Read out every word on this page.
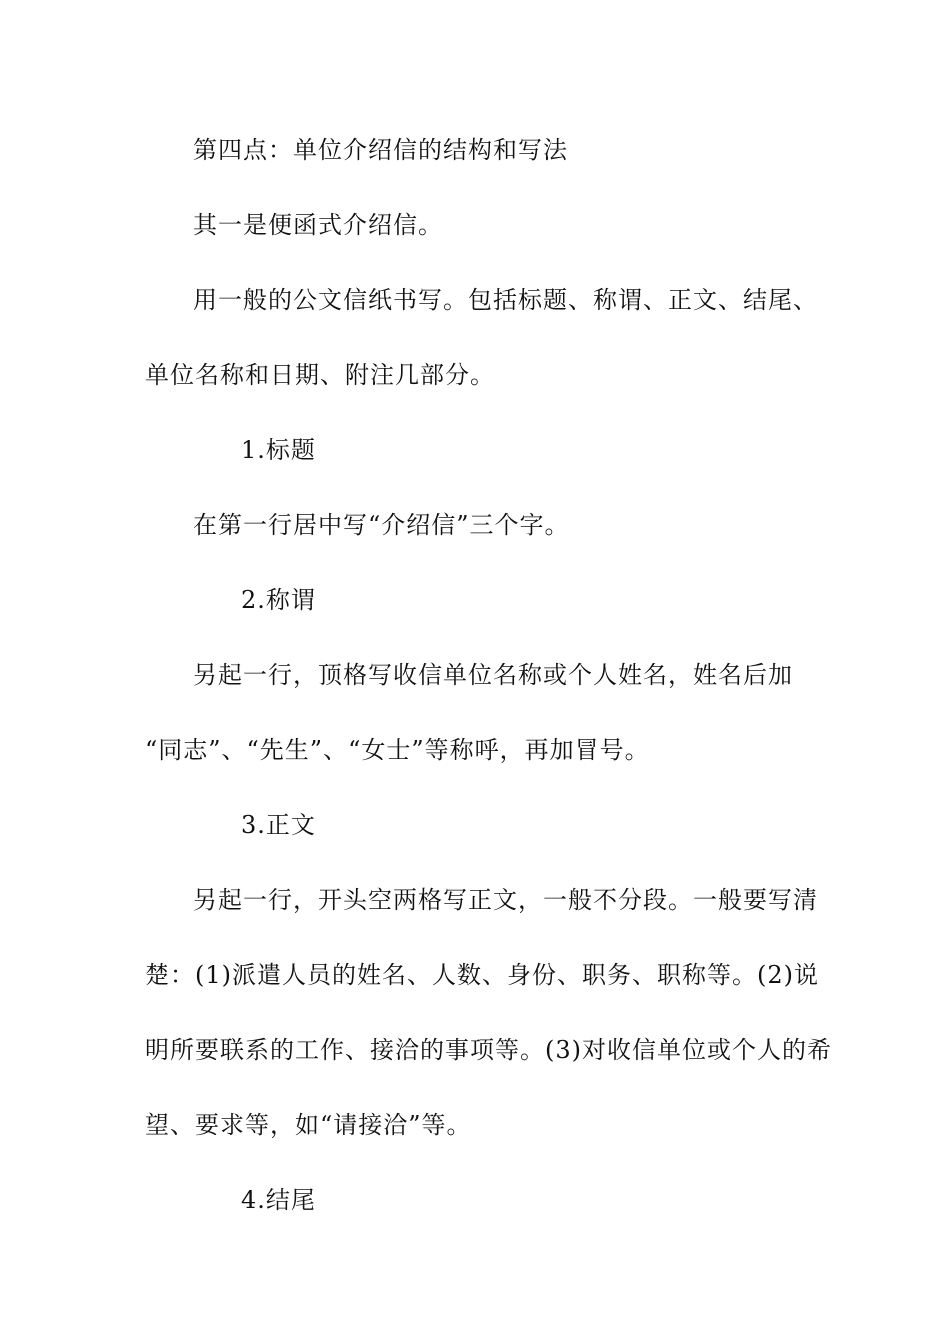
第四点：单位介绍信的结构和写法
其一是便函式介绍信。
用一般的公文信纸书写。包括标题、称谓、正文、结尾、
单位名称和日期、附注几部分。
1.标题
在第一行居中写“介绍信”三个字。
2.称谓
另起一行，顶格写收信单位名称或个人姓名，姓名后加
“同志”、“先生”、“女士”等称呼，再加冒号。
3.正文
另起一行，开头空两格写正文，一般不分段。一般要写清
楚：(1)派遣人员的姓名、人数、身份、职务、职称等。(2)说
明所要联系的工作、接洽的事项等。(3)对收信单位或个人的希
望、要求等，如“请接洽”等。
4.结尾
